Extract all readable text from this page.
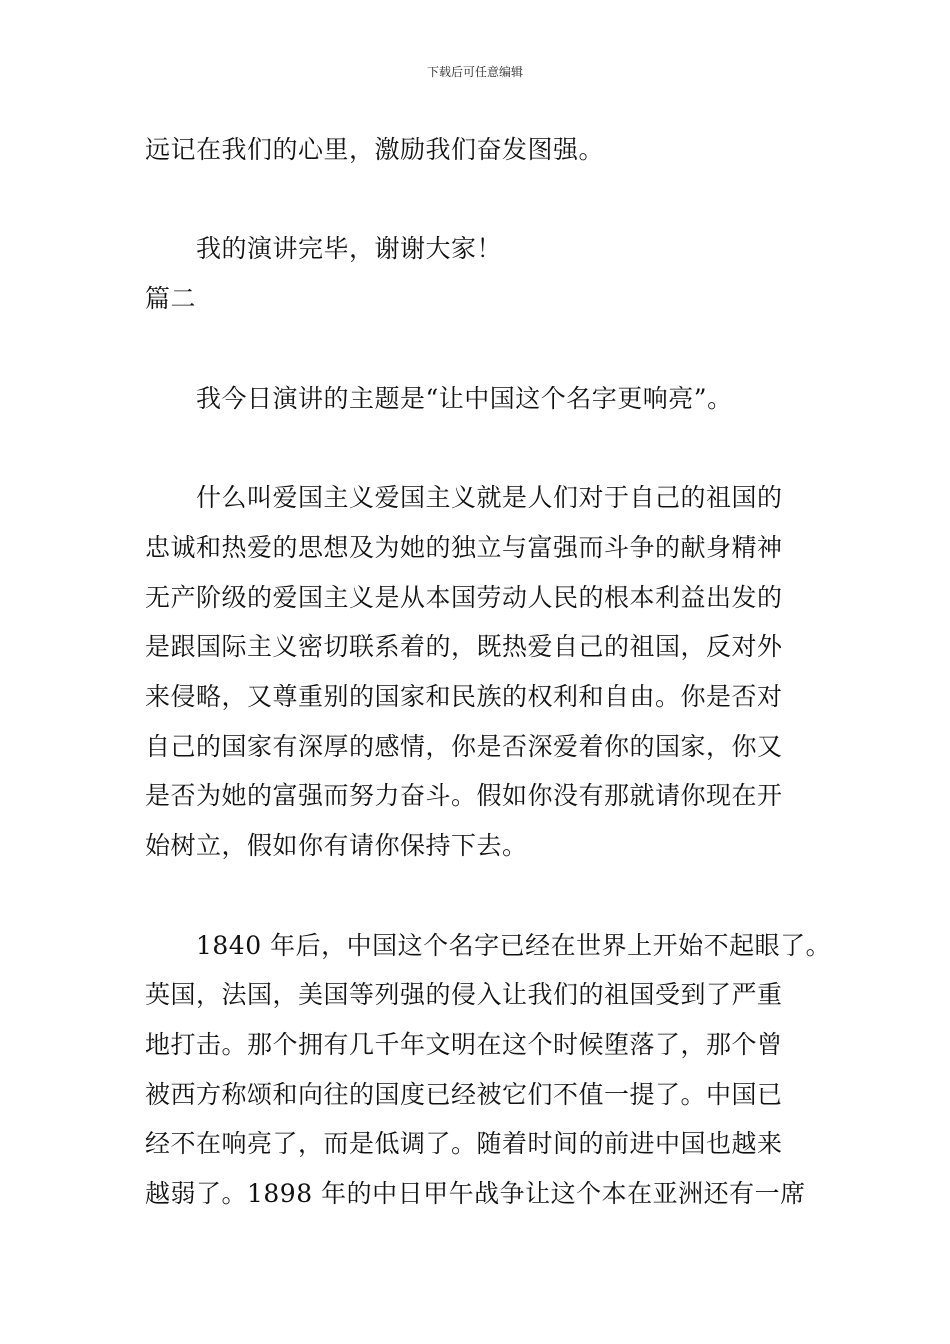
下载后可任意编辑
远记在我们的心里，激励我们奋发图强。
我的演讲完毕，谢谢大家！
篇二
我今日演讲的主题是“让中国这个名字更响亮”。
什么叫爱国主义爱国主义就是人们对于自己的祖国的
忠诚和热爱的思想及为她的独立与富强而斗争的献身精神
无产阶级的爱国主义是从本国劳动人民的根本利益出发的
是跟国际主义密切联系着的，既热爱自己的祖国，反对外
来侵略，又尊重别的国家和民族的权利和自由。你是否对
自己的国家有深厚的感情，你是否深爱着你的国家，你又
是否为她的富强而努力奋斗。假如你没有那就请你现在开
始树立，假如你有请你保持下去。
1840 年后，中国这个名字已经在世界上开始不起眼了。
英国，法国，美国等列强的侵入让我们的祖国受到了严重
地打击。那个拥有几千年文明在这个时候堕落了，那个曾
被西方称颂和向往的国度已经被它们不值一提了。中国已
经不在响亮了，而是低调了。随着时间的前进中国也越来
越弱了。1898 年的中日甲午战争让这个本在亚洲还有一席
